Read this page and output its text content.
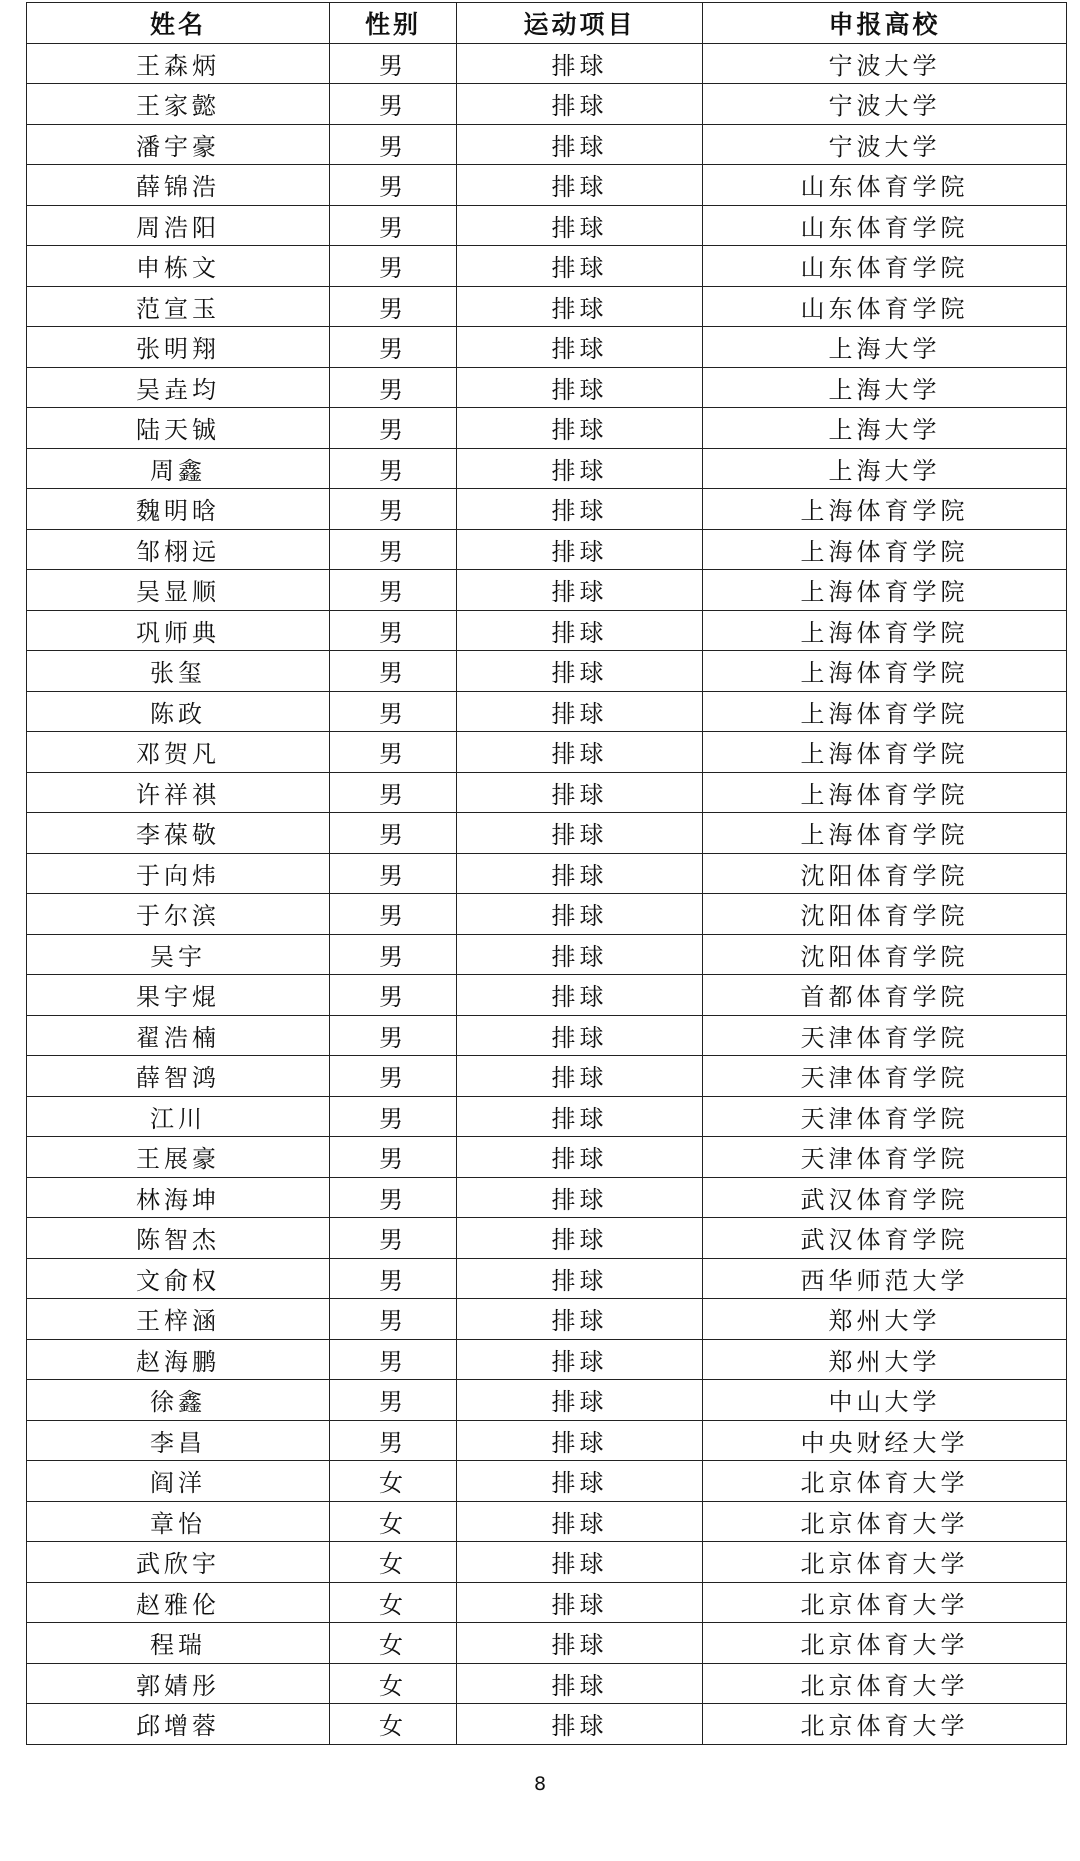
姓名	性别	运动项目	申报高校
王森炳	男	排球	宁波大学
王家懿	男	排球	宁波大学
潘宇豪	男	排球	宁波大学
薛锦浩	男	排球	山东体育学院
周浩阳	男	排球	山东体育学院
申栋文	男	排球	山东体育学院
范宣玉	男	排球	山东体育学院
张明翔	男	排球	上海大学
吴垚均	男	排球	上海大学
陆天铖	男	排球	上海大学
周鑫	男	排球	上海大学
魏明晗	男	排球	上海体育学院
邹栩远	男	排球	上海体育学院
吴显顺	男	排球	上海体育学院
巩师典	男	排球	上海体育学院
张玺	男	排球	上海体育学院
陈政	男	排球	上海体育学院
邓贺凡	男	排球	上海体育学院
许祥祺	男	排球	上海体育学院
李葆敬	男	排球	上海体育学院
于向炜	男	排球	沈阳体育学院
于尔滨	男	排球	沈阳体育学院
吴宇	男	排球	沈阳体育学院
果宇焜	男	排球	首都体育学院
翟浩楠	男	排球	天津体育学院
薛智鸿	男	排球	天津体育学院
江川	男	排球	天津体育学院
王展豪	男	排球	天津体育学院
林海坤	男	排球	武汉体育学院
陈智杰	男	排球	武汉体育学院
文俞权	男	排球	西华师范大学
王梓涵	男	排球	郑州大学
赵海鹏	男	排球	郑州大学
徐鑫	男	排球	中山大学
李昌	男	排球	中央财经大学
阎洋	女	排球	北京体育大学
章怡	女	排球	北京体育大学
武欣宇	女	排球	北京体育大学
赵雅伦	女	排球	北京体育大学
程瑞	女	排球	北京体育大学
郭婧彤	女	排球	北京体育大学
邱增蓉	女	排球	北京体育大学
8
